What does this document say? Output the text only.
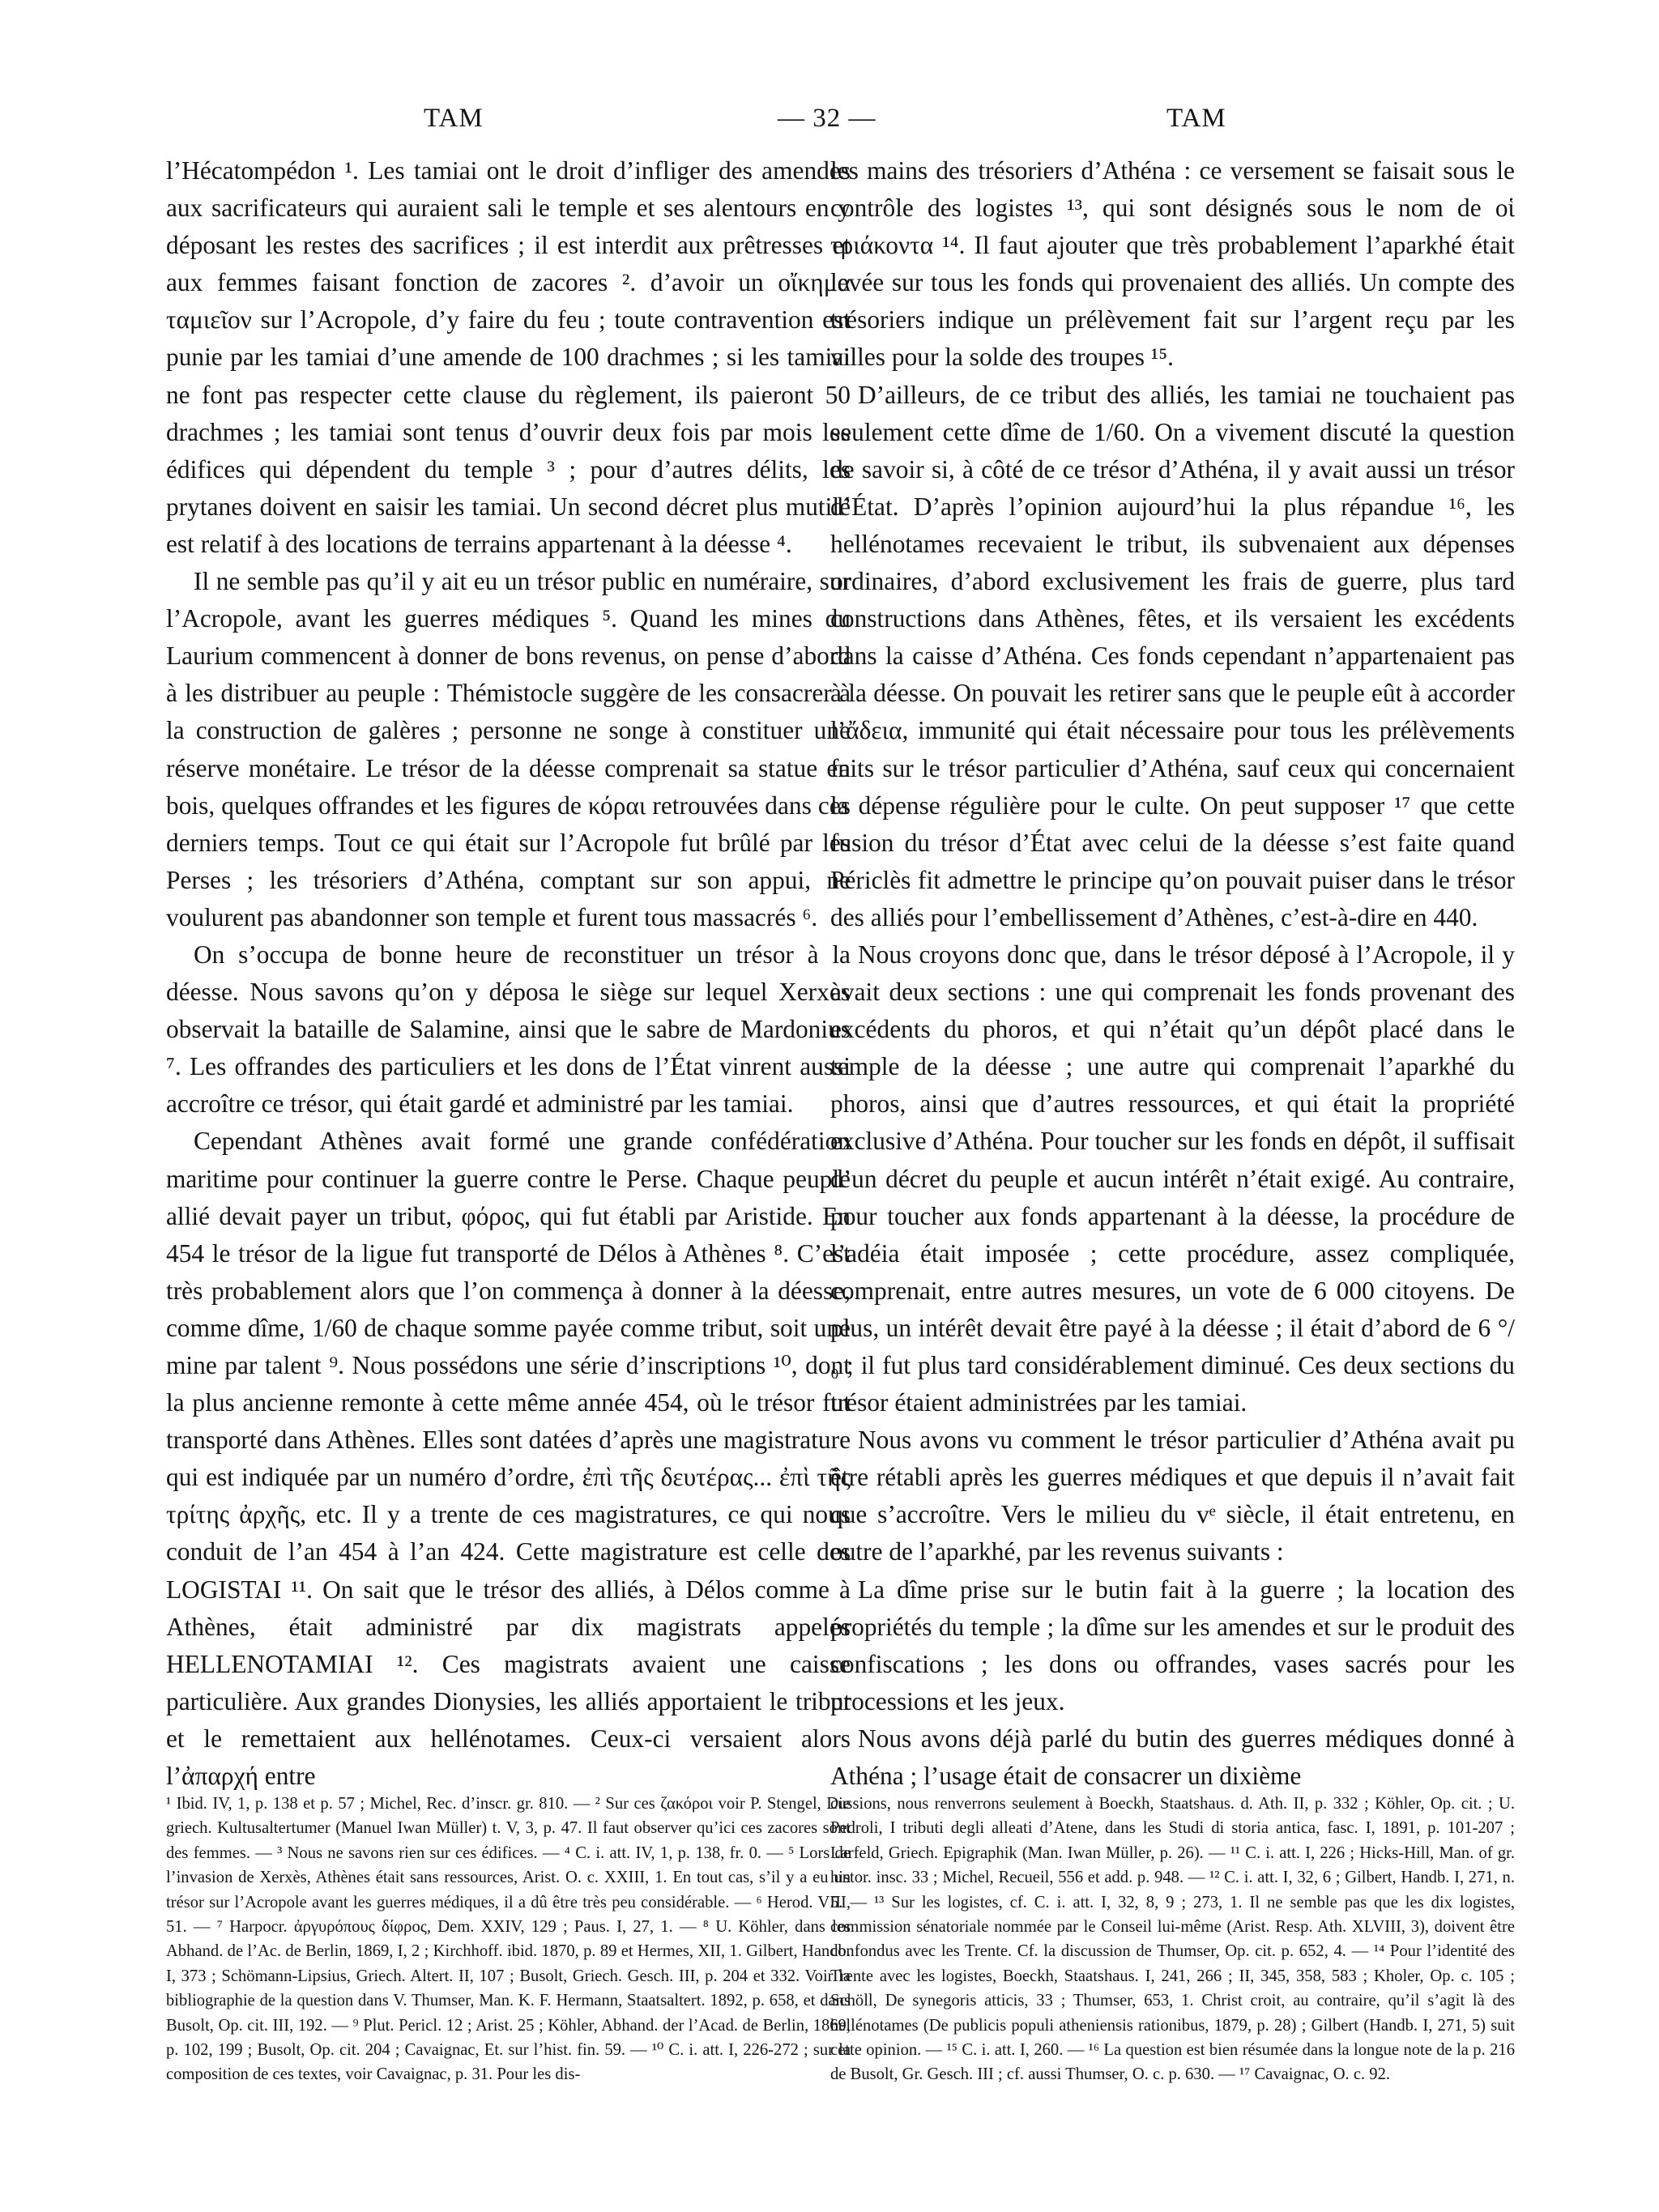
TAM	— 32 —	TAM

l’Hécatompédon ¹. Les tamiai ont le droit d’infliger des amendes aux sacrificateurs qui auraient sali le temple et ses alentours en y déposant les restes des sacrifices ; il est interdit aux prêtresses et aux femmes faisant fonction de zacores ². d’avoir un οἴκημα ταμιεῖον sur l’Acropole, d’y faire du feu ; toute contravention est punie par les tamiai d’une amende de 100 drachmes ; si les tamiai ne font pas respecter cette clause du règlement, ils paieront 50 drachmes ; les tamiai sont tenus d’ouvrir deux fois par mois les édifices qui dépendent du temple ³ ; pour d’autres délits, les prytanes doivent en saisir les tamiai. Un second décret plus mutilé est relatif à des locations de terrains appartenant à la déesse ⁴.

Il ne semble pas qu’il y ait eu un trésor public en numéraire, sur l’Acropole, avant les guerres médiques ⁵. Quand les mines du Laurium commencent à donner de bons revenus, on pense d’abord à les distribuer au peuple : Thémistocle suggère de les consacrer à la construction de galères ; personne ne songe à constituer une réserve monétaire. Le trésor de la déesse comprenait sa statue en bois, quelques offrandes et les figures de κόραι retrouvées dans ces derniers temps. Tout ce qui était sur l’Acropole fut brûlé par les Perses ; les trésoriers d’Athéna, comptant sur son appui, ne voulurent pas abandonner son temple et furent tous massacrés ⁶.

On s’occupa de bonne heure de reconstituer un trésor à la déesse. Nous savons qu’on y déposa le siège sur lequel Xerxès observait la bataille de Salamine, ainsi que le sabre de Mardonius ⁷. Les offrandes des particuliers et les dons de l’État vinrent aussi accroître ce trésor, qui était gardé et administré par les tamiai.

Cependant Athènes avait formé une grande confédération maritime pour continuer la guerre contre le Perse. Chaque peuple allié devait payer un tribut, φόρος, qui fut établi par Aristide. En 454 le trésor de la ligue fut transporté de Délos à Athènes ⁸. C’est très probablement alors que l’on commença à donner à la déesse, comme dîme, 1/60 de chaque somme payée comme tribut, soit une mine par talent ⁹. Nous possédons une série d’inscriptions ¹⁰, dont la plus ancienne remonte à cette même année 454, où le trésor fut transporté dans Athènes. Elles sont datées d’après une magistrature qui est indiquée par un numéro d’ordre, ἐπὶ τῆς δευτέρας... ἐπὶ τῆς τρίτης ἀρχῆς, etc. Il y a trente de ces magistratures, ce qui nous conduit de l’an 454 à l’an 424. Cette magistrature est celle des LOGISTAI ¹¹. On sait que le trésor des alliés, à Délos comme à Athènes, était administré par dix magistrats appelés HELLENOTAMIAI ¹². Ces magistrats avaient une caisse particulière. Aux grandes Dionysies, les alliés apportaient le tribut et le remettaient aux hellénotames. Ceux-ci versaient alors l’ἀπαρχή entre

les mains des trésoriers d’Athéna : ce versement se faisait sous le contrôle des logistes ¹³, qui sont désignés sous le nom de οἱ τριάκοντα ¹⁴. Il faut ajouter que très probablement l’aparkhé était levée sur tous les fonds qui provenaient des alliés. Un compte des trésoriers indique un prélèvement fait sur l’argent reçu par les villes pour la solde des troupes ¹⁵.

D’ailleurs, de ce tribut des alliés, les tamiai ne touchaient pas seulement cette dîme de 1/60. On a vivement discuté la question de savoir si, à côté de ce trésor d’Athéna, il y avait aussi un trésor d’État. D’après l’opinion aujourd’hui la plus répandue ¹⁶, les hellénotames recevaient le tribut, ils subvenaient aux dépenses ordinaires, d’abord exclusivement les frais de guerre, plus tard constructions dans Athènes, fêtes, et ils versaient les excédents dans la caisse d’Athéna. Ces fonds cependant n’appartenaient pas à la déesse. On pouvait les retirer sans que le peuple eût à accorder l’ἄδεια, immunité qui était nécessaire pour tous les prélèvements faits sur le trésor particulier d’Athéna, sauf ceux qui concernaient la dépense régulière pour le culte. On peut supposer ¹⁷ que cette fusion du trésor d’État avec celui de la déesse s’est faite quand Périclès fit admettre le principe qu’on pouvait puiser dans le trésor des alliés pour l’embellissement d’Athènes, c’est-à-dire en 440.

Nous croyons donc que, dans le trésor déposé à l’Acropole, il y avait deux sections : une qui comprenait les fonds provenant des excédents du phoros, et qui n’était qu’un dépôt placé dans le temple de la déesse ; une autre qui comprenait l’aparkhé du phoros, ainsi que d’autres ressources, et qui était la propriété exclusive d’Athéna. Pour toucher sur les fonds en dépôt, il suffisait d’un décret du peuple et aucun intérêt n’était exigé. Au contraire, pour toucher aux fonds appartenant à la déesse, la procédure de l’adéia était imposée ; cette procédure, assez compliquée, comprenait, entre autres mesures, un vote de 6 000 citoyens. De plus, un intérêt devait être payé à la déesse ; il était d’abord de 6 °/₀ ; il fut plus tard considérablement diminué. Ces deux sections du trésor étaient administrées par les tamiai.

Nous avons vu comment le trésor particulier d’Athéna avait pu être rétabli après les guerres médiques et que depuis il n’avait fait que s’accroître. Vers le milieu du vᵉ siècle, il était entretenu, en outre de l’aparkhé, par les revenus suivants :

La dîme prise sur le butin fait à la guerre ; la location des propriétés du temple ; la dîme sur les amendes et sur le produit des confiscations ; les dons ou offrandes, vases sacrés pour les processions et les jeux.

Nous avons déjà parlé du butin des guerres médiques donné à Athéna ; l’usage était de consacrer un dixième

¹ Ibid. IV, 1, p. 138 et p. 57 ; Michel, Rec. d’inscr. gr. 810. — ² Sur ces ζακόροι voir P. Stengel, Die griech. Kultusaltertumer (Manuel Iwan Müller) t. V, 3, p. 47. Il faut observer qu’ici ces zacores sont des femmes. — ³ Nous ne savons rien sur ces édifices. — ⁴ C. i. att. IV, 1, p. 138, fr. 0. — ⁵ Lors de l’invasion de Xerxès, Athènes était sans ressources, Arist. O. c. XXIII, 1. En tout cas, s’il y a eu un trésor sur l’Acropole avant les guerres médiques, il a dû être très peu considérable. — ⁶ Herod. VIII, 51. — ⁷ Harpocr. ἀργυρόπους δίφρος, Dem. XXIV, 129 ; Paus. I, 27, 1. — ⁸ U. Köhler, dans les Abhand. de l’Ac. de Berlin, 1869, I, 2 ; Kirchhoff. ibid. 1870, p. 89 et Hermes, XII, 1. Gilbert, Handb. I, 373 ; Schömann-Lipsius, Griech. Altert. II, 107 ; Busolt, Griech. Gesch. III, p. 204 et 332. Voir la bibliographie de la question dans V. Thumser, Man. K. F. Hermann, Staatsaltert. 1892, p. 658, et dans Busolt, Op. cit. III, 192. — ⁹ Plut. Pericl. 12 ; Arist. 25 ; Köhler, Abhand. der l’Acad. de Berlin, 1869, p. 102, 199 ; Busolt, Op. cit. 204 ; Cavaignac, Et. sur l’hist. fin. 59. — ¹⁰ C. i. att. I, 226-272 ; sur la composition de ces textes, voir Cavaignac, p. 31. Pour les dis-

cussions, nous renverrons seulement à Boeckh, Staatshaus. d. Ath. II, p. 332 ; Köhler, Op. cit. ; U. Pedroli, I tributi degli alleati d’Atene, dans les Studi di storia antica, fasc. I, 1891, p. 101-207 ; Larfeld, Griech. Epigraphik (Man. Iwan Müller, p. 26). — ¹¹ C. i. att. I, 226 ; Hicks-Hill, Man. of gr. histor. insc. 33 ; Michel, Recueil, 556 et add. p. 948. — ¹² C. i. att. I, 32, 6 ; Gilbert, Handb. I, 271, n. 5. — ¹³ Sur les logistes, cf. C. i. att. I, 32, 8, 9 ; 273, 1. Il ne semble pas que les dix logistes, commission sénatoriale nommée par le Conseil lui-même (Arist. Resp. Ath. XLVIII, 3), doivent être confondus avec les Trente. Cf. la discussion de Thumser, Op. cit. p. 652, 4. — ¹⁴ Pour l’identité des Trente avec les logistes, Boeckh, Staatshaus. I, 241, 266 ; II, 345, 358, 583 ; Kholer, Op. c. 105 ; Schöll, De synegoris atticis, 33 ; Thumser, 653, 1. Christ croit, au contraire, qu’il s’agit là des hellénotames (De publicis populi atheniensis rationibus, 1879, p. 28) ; Gilbert (Handb. I, 271, 5) suit cette opinion. — ¹⁵ C. i. att. I, 260. — ¹⁶ La question est bien résumée dans la longue note de la p. 216 de Busolt, Gr. Gesch. III ; cf. aussi Thumser, O. c. p. 630. — ¹⁷ Cavaignac, O. c. 92.
